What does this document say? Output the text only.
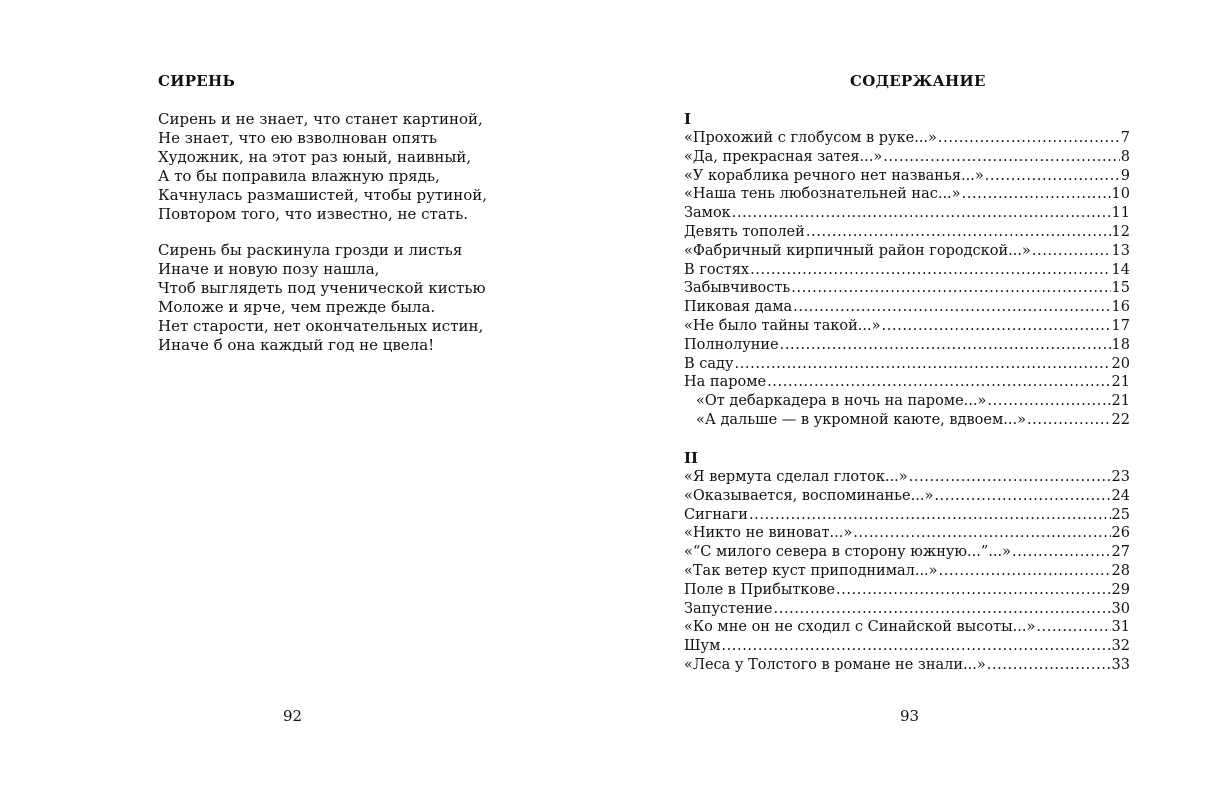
СИРЕНЬ
Сирень и не знает, что станет картиной,
Не знает, что ею взволнован опять
Художник, на этот раз юный, наивный,
А то бы поправила влажную прядь,
Качнулась размашистей, чтобы рутиной,
Повтором того, что известно, не стать.
Сирень бы раскинула грозди и листья
Иначе и новую позу нашла,
Чтоб выглядеть под ученической кистью
Моложе и ярче, чем прежде была.
Нет старости, нет окончательных истин,
Иначе б она каждый год не цвела!
92
СОДЕРЖАНИЕ
I
«Прохожий с глобусом в руке...» .....	7
«Да, прекрасная затея...» .....	8
«У кораблика речного нет названья...» .....	9
«Наша тень любознательней нас...» .....	10
Замок .....	11
Девять тополей .....	12
«Фабричный кирпичный район городской...» .....	13
В гостях .....	14
Забывчивость .....	15
Пиковая дама .....	16
«Не было тайны такой...» .....	17
Полнолуние .....	18
В саду .....	20
На пароме .....	21
«От дебаркадера в ночь на пароме...» .....	21
«А дальше — в укромной каюте, вдвоем...» .....	22
II
«Я вермута сделал глоток...» .....	23
«Оказывается, воспоминанье...» .....	24
Сигнаги .....	25
«Никто не виноват...» .....	26
«“С милого севера в сторону южную...”...» .....	27
«Так ветер куст приподнимал...» .....	28
Поле в Прибыткове .....	29
Запустение .....	30
«Ко мне он не сходил с Синайской высоты...» .....	31
Шум .....	32
«Леса у Толстого в романе не знали...» .....	33
93
